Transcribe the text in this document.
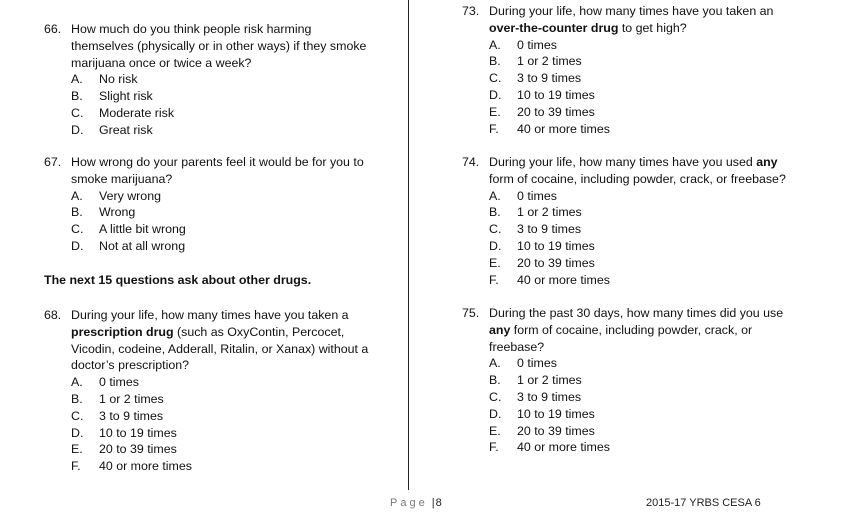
66. How much do you think people risk harming
themselves (physically or in other ways) if they smoke
marijuana once or twice a week?
A. No risk
B. Slight risk
C. Moderate risk
D. Great risk
67. How wrong do your parents feel it would be for you to
smoke marijuana?
A. Very wrong
B. Wrong
C. A little bit wrong
D. Not at all wrong
The next 15 questions ask about other drugs.
68. During your life, how many times have you taken a
prescription drug (such as OxyContin, Percocet,
Vicodin, codeine, Adderall, Ritalin, or Xanax) without a
doctor’s prescription?
A. 0 times
B. 1 or 2 times
C. 3 to 9 times
D. 10 to 19 times
E. 20 to 39 times
F. 40 or more times
73. During your life, how many times have you taken an
over-the-counter drug to get high?
A. 0 times
B. 1 or 2 times
C. 3 to 9 times
D. 10 to 19 times
E. 20 to 39 times
F. 40 or more times
74. During your life, how many times have you used any
form of cocaine, including powder, crack, or freebase?
A. 0 times
B. 1 or 2 times
C. 3 to 9 times
D. 10 to 19 times
E. 20 to 39 times
F. 40 or more times
75. During the past 30 days, how many times did you use
any form of cocaine, including powder, crack, or
freebase?
A. 0 times
B. 1 or 2 times
C. 3 to 9 times
D. 10 to 19 times
E. 20 to 39 times
F. 40 or more times
Page |8	2015-17 YRBS CESA 6
